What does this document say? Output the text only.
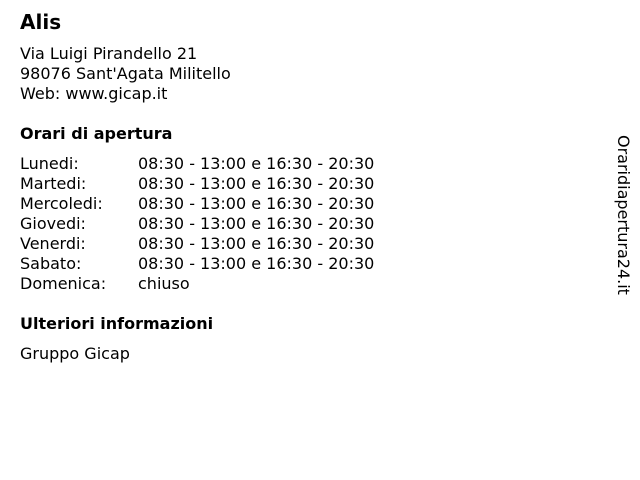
Alis
Via Luigi Pirandello 21
98076 Sant'Agata Militello
Web: www.gicap.it
Orari di apertura
Lunedi:	08:30 - 13:00 e 16:30 - 20:30
Martedi:	08:30 - 13:00 e 16:30 - 20:30
Mercoledi: 08:30 - 13:00 e 16:30 - 20:30
Giovedi:	08:30 - 13:00 e 16:30 - 20:30
Venerdi:	08:30 - 13:00 e 16:30 - 20:30
Sabato:	08:30 - 13:00 e 16:30 - 20:30
Domenica: chiuso
Ulteriori informazioni
Gruppo Gicap
Oraridiapertura24.it
